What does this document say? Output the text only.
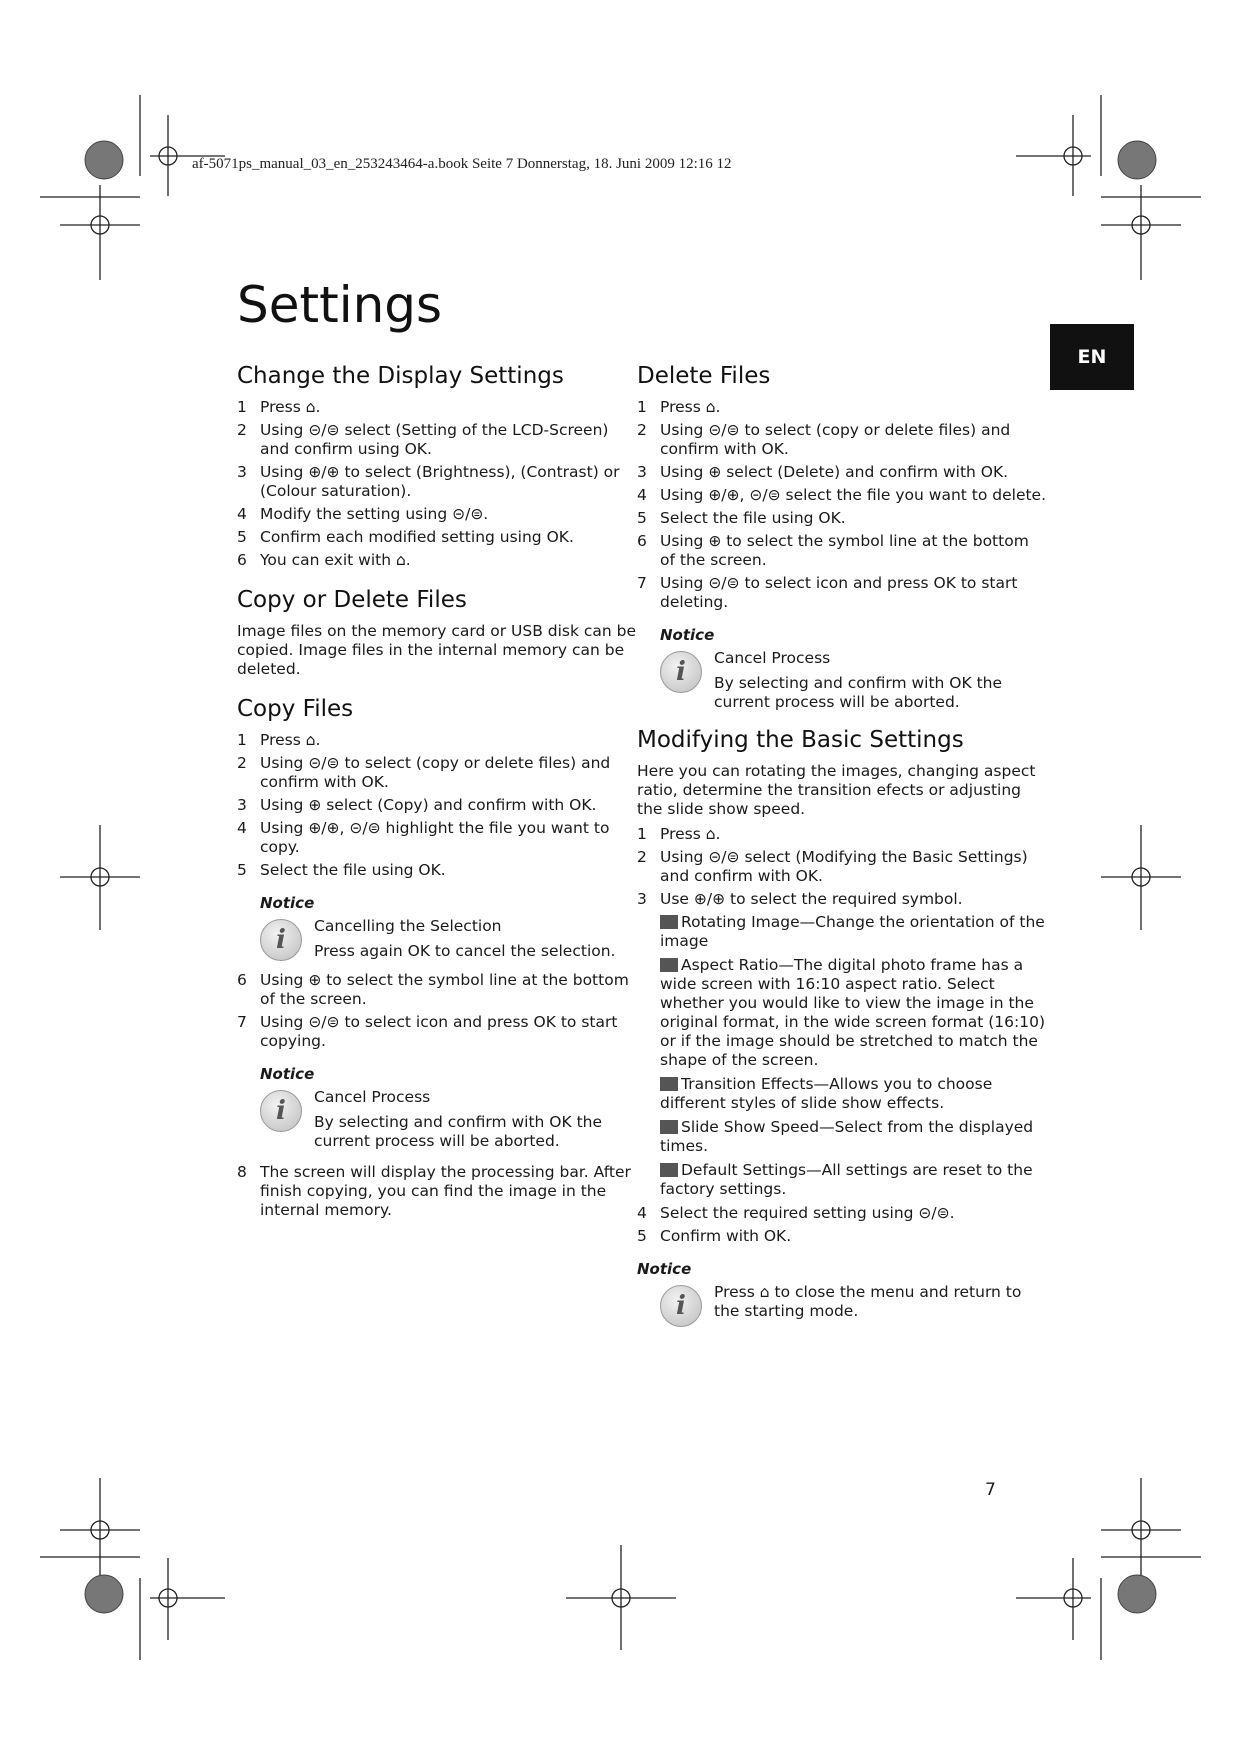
af-5071ps_manual_03_en_253243464-a.book Seite 7 Donnerstag, 18. Juni 2009 12:16 12
Settings
EN
Change the Display Settings

1 Press ⌂.

2 Using ⊝/⊜ select (Setting of the LCD-Screen) and confirm using OK.

3 Using ⊕/⊕ to select (Brightness), (Contrast) or (Colour saturation).

4 Modify the setting using ⊝/⊜.

5 Confirm each modified setting using OK.

6 You can exit with ⌂.

Copy or Delete Files

Image files on the memory card or USB disk can be copied. Image files in the internal memory can be deleted.

Copy Files

1 Press ⌂.

2 Using ⊝/⊜ to select (copy or delete files) and confirm with OK.

3 Using ⊕ select (Copy) and confirm with OK.

4 Using ⊕/⊕, ⊝/⊜ highlight the file you want to copy.

5 Select the file using OK.

Notice
i	Cancelling the Selection
Press again OK to cancel the selection.

6 Using ⊕ to select the symbol line at the bottom of the screen.

7 Using ⊝/⊜ to select icon and press OK to start copying.

Notice
i	Cancel Process
By selecting and confirm with OK the current process will be aborted.

8 The screen will display the processing bar. After finish copying, you can find the image in the internal memory.

Delete Files

1 Press ⌂.

2 Using ⊝/⊜ to select (copy or delete files) and confirm with OK.

3 Using ⊕ select (Delete) and confirm with OK.

4 Using ⊕/⊕, ⊝/⊜ select the file you want to delete.

5 Select the file using OK.

6 Using ⊕ to select the symbol line at the bottom of the screen.

7 Using ⊝/⊜ to select icon and press OK to start deleting.

Notice
i	Cancel Process
By selecting and confirm with OK the current process will be aborted.
Modifying the Basic Settings

Here you can rotating the images, changing aspect ratio, determine the transition efects or adjusting the slide show speed.

1 Press ⌂.

2 Using ⊝/⊜ select (Modifying the Basic Settings) and confirm with OK.

3 Use ⊕/⊕ to select the required symbol.

Rotating Image—Change the orientation of the image

Aspect Ratio—The digital photo frame has a wide screen with 16:10 aspect ratio. Select whether you would like to view the image in the original format, in the wide screen format (16:10) or if the image should be stretched to match the shape of the screen.

Transition Effects—Allows you to choose different styles of slide show effects.

Slide Show Speed—Select from the displayed times.

Default Settings—All settings are reset to the factory settings.

4 Select the required setting using ⊝/⊜.

5 Confirm with OK.

Notice
i	Press ⌂ to close the menu and return to the starting mode.
7
